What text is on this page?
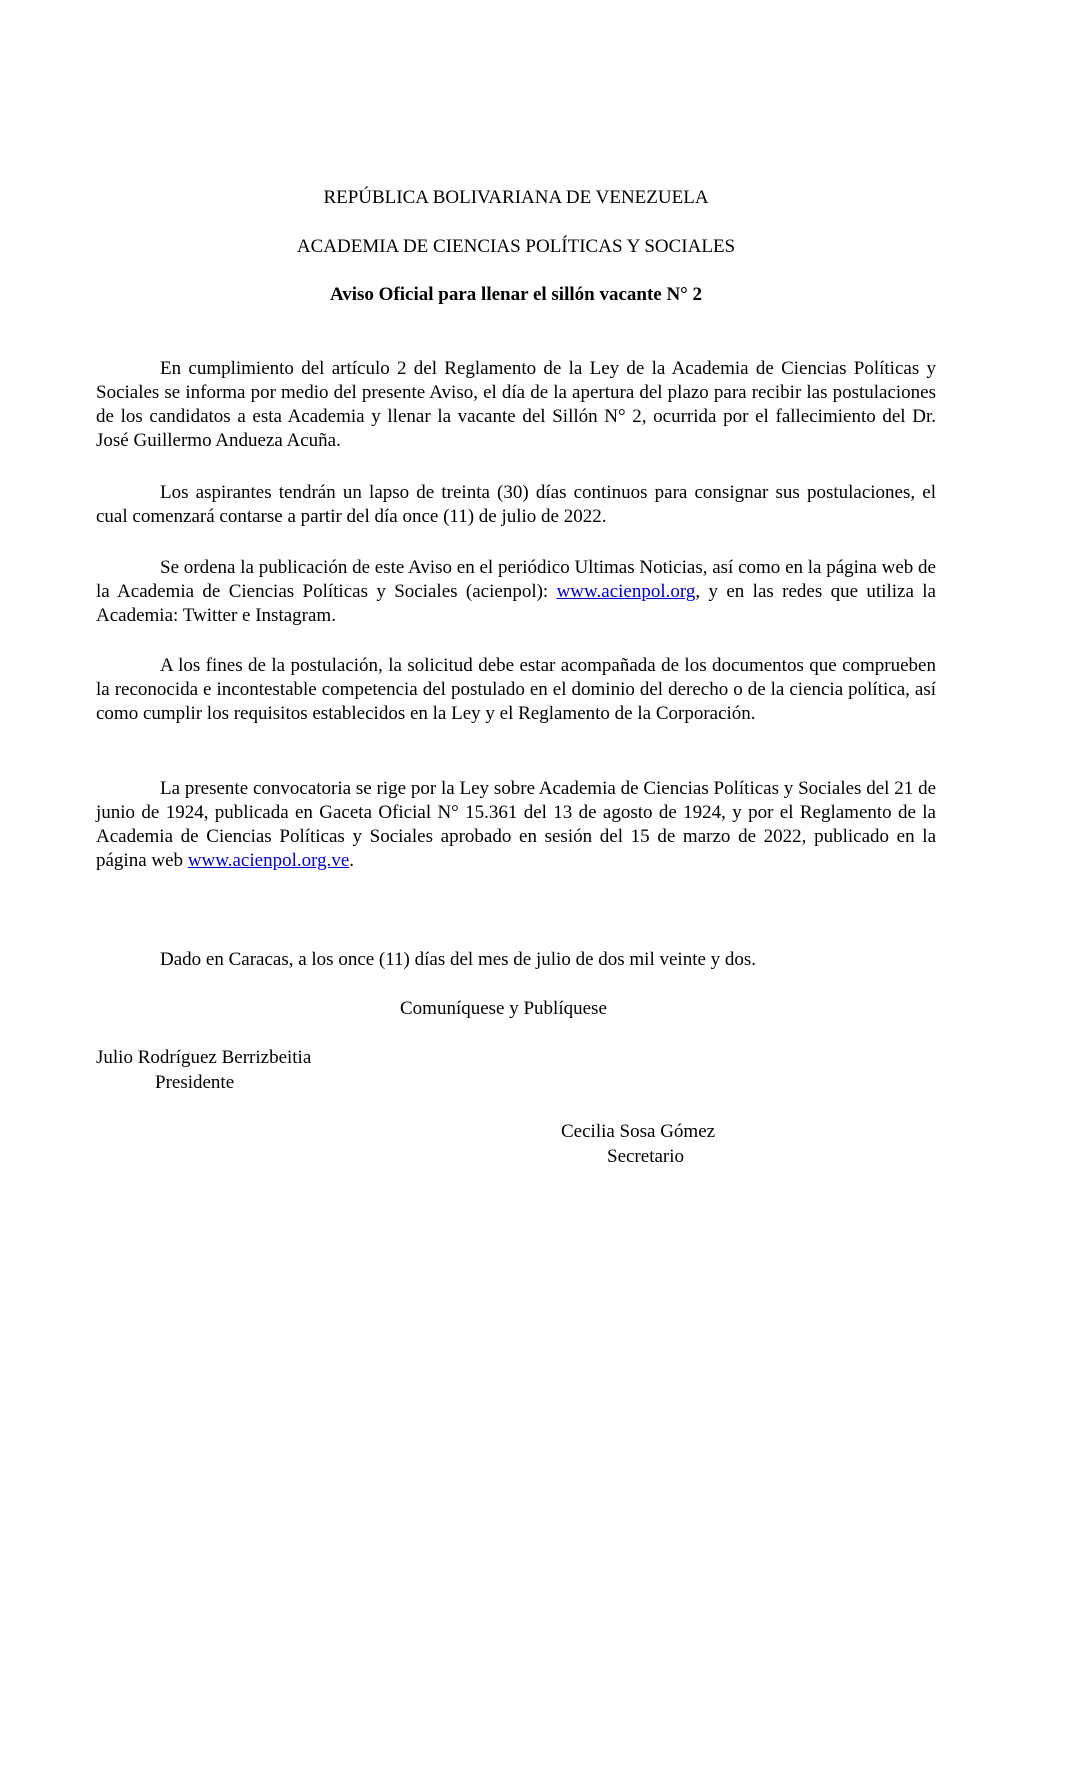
REPÚBLICA BOLIVARIANA DE VENEZUELA
ACADEMIA DE CIENCIAS POLÍTICAS Y SOCIALES
Aviso Oficial para llenar el sillón vacante N° 2
En cumplimiento del artículo 2 del Reglamento de la Ley de la Academia de Ciencias Políticas y Sociales se informa por medio del presente Aviso, el día de la apertura del plazo para recibir las postulaciones de los candidatos a esta Academia y llenar la vacante del Sillón N° 2, ocurrida por el fallecimiento del Dr. José Guillermo Andueza Acuña.
Los aspirantes tendrán un lapso de treinta (30) días continuos para consignar sus postulaciones, el cual comenzará contarse a partir del día once (11) de julio de 2022.
Se ordena la publicación de este Aviso en el periódico Ultimas Noticias, así como en la página web de la Academia de Ciencias Políticas y Sociales (acienpol): www.acienpol.org, y en las redes que utiliza la Academia: Twitter e Instagram.
A los fines de la postulación, la solicitud debe estar acompañada de los documentos que comprueben la reconocida e incontestable competencia del postulado en el dominio del derecho o de la ciencia política, así como cumplir los requisitos establecidos en la Ley y el Reglamento de la Corporación.
La presente convocatoria se rige por la Ley sobre Academia de Ciencias Políticas y Sociales del 21 de junio de 1924, publicada en Gaceta Oficial N° 15.361 del 13 de agosto de 1924, y por el Reglamento de la Academia de Ciencias Políticas y Sociales aprobado en sesión del 15 de marzo de 2022, publicado en la página web www.acienpol.org.ve.
Dado en Caracas, a los once (11) días del mes de julio de dos mil veinte y dos.
Comuníquese y Publíquese
Julio Rodríguez Berrizbeitia
Presidente
Cecilia Sosa Gómez
Secretario
